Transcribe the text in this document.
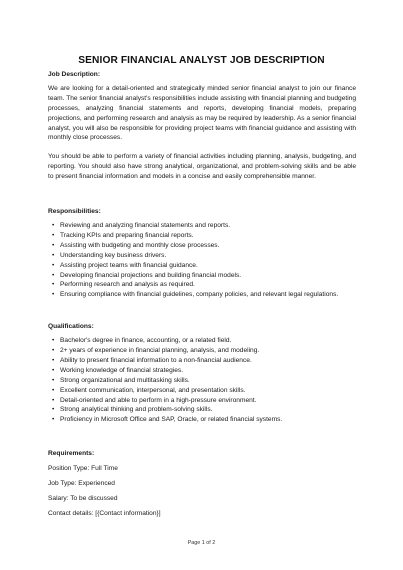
SENIOR FINANCIAL ANALYST JOB DESCRIPTION

Job Description:

We are looking for a detail-oriented and strategically minded senior financial analyst to join our finance team. The senior financial analyst's responsibilities include assisting with financial planning and budgeting processes, analyzing financial statements and reports, developing financial models, preparing projections, and performing research and analysis as may be required by leadership. As a senior financial analyst, you will also be responsible for providing project teams with financial guidance and assisting with monthly close processes.

You should be able to perform a variety of financial activities including planning, analysis, budgeting, and reporting. You should also have strong analytical, organizational, and problem-solving skills and be able to present financial information and models in a concise and easily comprehensible manner.

Responsibilities:

• Reviewing and analyzing financial statements and reports.
• Tracking KPIs and preparing financial reports.
• Assisting with budgeting and monthly close processes.
• Understanding key business drivers.
• Assisting project teams with financial guidance.
• Developing financial projections and building financial models.
• Performing research and analysis as required.
• Ensuring compliance with financial guidelines, company policies, and relevant legal regulations.

Qualifications:

• Bachelor's degree in finance, accounting, or a related field.
• 2+ years of experience in financial planning, analysis, and modeling.
• Ability to present financial information to a non-financial audience.
• Working knowledge of financial strategies.
• Strong organizational and multitasking skills.
• Excellent communication, interpersonal, and presentation skills.
• Detail-oriented and able to perform in a high-pressure environment.
• Strong analytical thinking and problem-solving skills.
• Proficiency in Microsoft Office and SAP, Oracle, or related financial systems.

Requirements:

Position Type: Full Time

Job Type: Experienced

Salary: To be discussed

Contact details: [{Contact information}]

Page 1 of 2
